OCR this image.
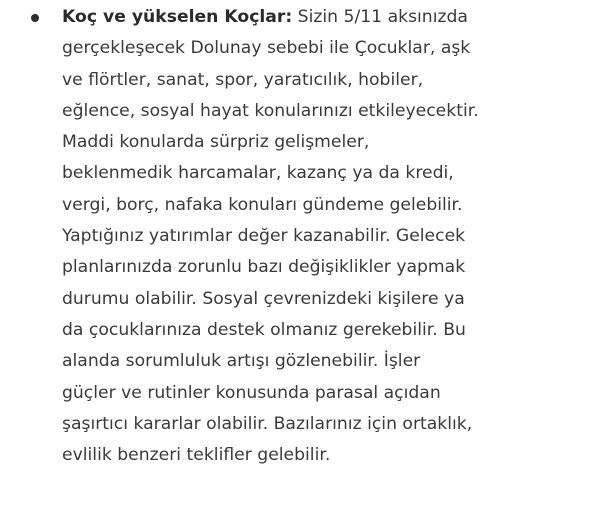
Koç ve yükselen Koçlar: Sizin 5/11 aksınızda
gerçekleşecek Dolunay sebebi ile Çocuklar, aşk
ve flörtler, sanat, spor, yaratıcılık, hobiler,
eğlence, sosyal hayat konularınızı etkileyecektir.
Maddi konularda sürpriz gelişmeler,
beklenmedik harcamalar, kazanç ya da kredi,
vergi, borç, nafaka konuları gündeme gelebilir.
Yaptığınız yatırımlar değer kazanabilir. Gelecek
planlarınızda zorunlu bazı değişiklikler yapmak
durumu olabilir. Sosyal çevrenizdeki kişilere ya
da çocuklarınıza destek olmanız gerekebilir. Bu
alanda sorumluluk artışı gözlenebilir. İşler
güçler ve rutinler konusunda parasal açıdan
şaşırtıcı kararlar olabilir. Bazılarınız için ortaklık,
evlilik benzeri teklifler gelebilir.
